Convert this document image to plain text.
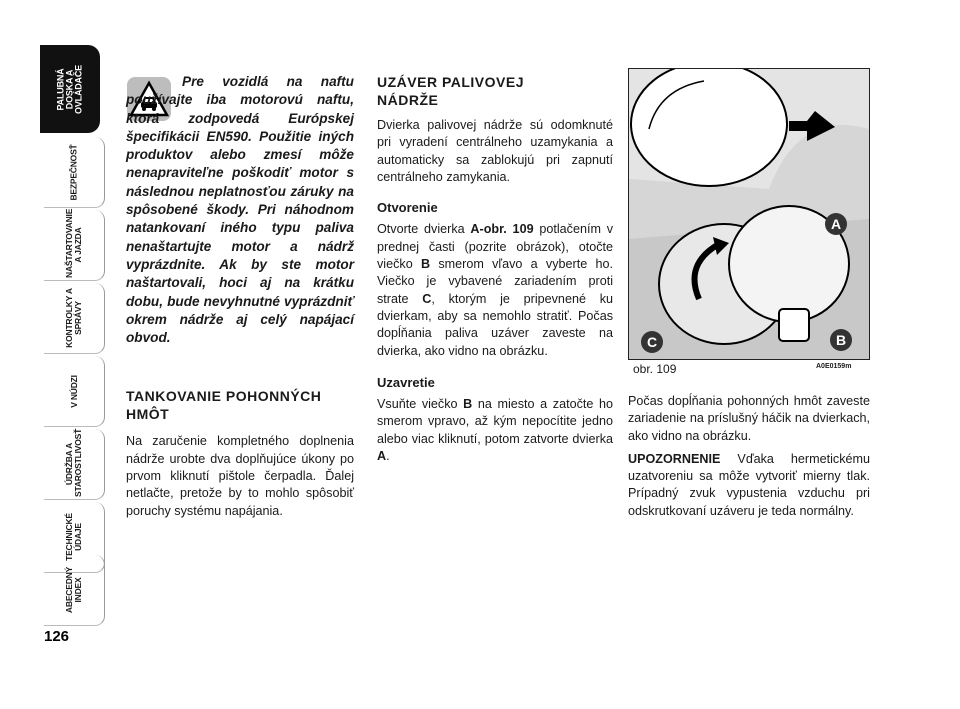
PALUBNÁ DOSKA A OVLÁDAČE
BEZPEČNOSŤ
NAŠTARTOVANIE A JAZDA
KONTROLKY A SPRÁVY
V NÚDZI
ÚDRŽBA A STAROSTLIVOSŤ
TECHNICKÉ ÚDAJE
ABECEDNÝ INDEX
126

Pre vozidlá na naftu používajte iba motorovú naftu, ktorá zodpovedá Európskej špecifikácii EN590. Použitie iných produktov alebo zmesí môže nenapraviteľne poškodiť motor s následnou neplatnosťou záruky na spôsobené škody. Pri náhodnom natankovaní iného typu paliva nenaštartujte motor a nádrž vyprázdnite. Ak by ste motor naštartovali, hoci aj na krátku dobu, bude nevyhnutné vyprázdniť okrem nádrže aj celý napájací obvod.

TANKOVANIE POHONNÝCH HMÔT

Na zaručenie kompletného doplnenia nádrže urobte dva doplňujúce úkony po prvom kliknutí pištole čerpadla. Ďalej netlačte, pretože by to mohlo spôsobiť poruchy systému napájania.

UZÁVER PALIVOVEJ NÁDRŽE

Dvierka palivovej nádrže sú odomknuté pri vyradení centrálneho uzamykania a automaticky sa zablokujú pri zapnutí centrálneho zamykania.

Otvorenie

Otvorte dvierka A-obr. 109 potlačením v prednej časti (pozrite obrázok), otočte viečko B smerom vľavo a vyberte ho. Viečko je vybavené zariadením proti strate C, ktorým je pripevnené ku dvierkam, aby sa nemohlo stratiť. Počas dopĺňania paliva uzáver zaveste na dvierka, ako vidno na obrázku.

Uzavretie

Vsuňte viečko B na miesto a zatočte ho smerom vpravo, až kým nepocítite jedno alebo viac kliknutí, potom zatvorte dvierka A.

A
B
C
obr. 109	A0E0159m

Počas dopĺňania pohonných hmôt zaveste zariadenie na príslušný háčik na dvierkach, ako vidno na obrázku.

UPOZORNENIE Vďaka hermetickému uzatvoreniu sa môže vytvoriť mierny tlak. Prípadný zvuk vypustenia vzduchu pri odskrutkovaní uzáveru je teda normálny.
